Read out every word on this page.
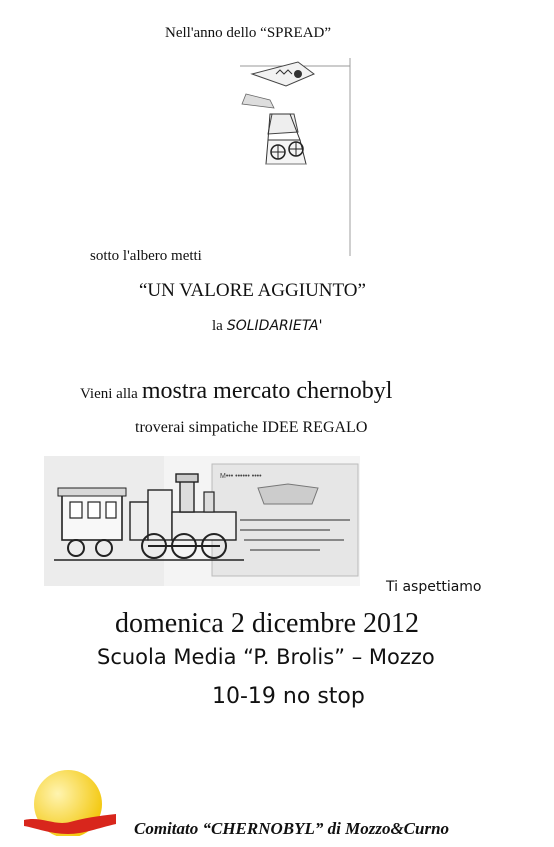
Nell'anno dello “SPREAD”
sotto l'albero metti
“UN VALORE AGGIUNTO”
la SOLIDARIETA'
Vieni alla mostra mercato chernobyl
troverai simpatiche IDEE REGALO
M••• •••••• ••••
Ti aspettiamo
domenica 2 dicembre 2012
Scuola Media “P. Brolis” – Mozzo
10-19 no stop
Comitato “CHERNOBYL” di Mozzo&Curno
